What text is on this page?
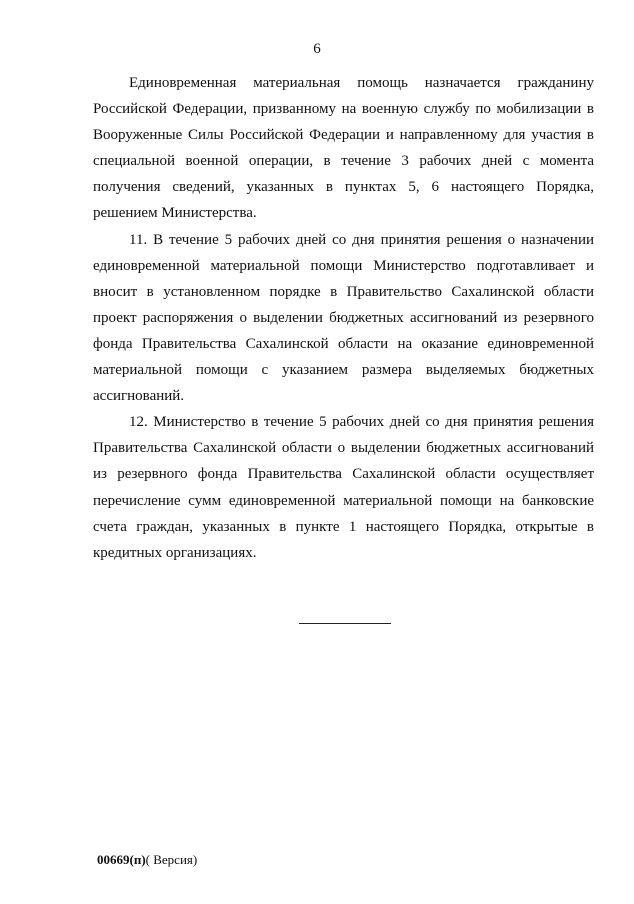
6

Единовременная материальная помощь назначается гражданину Российской Федерации, призванному на военную службу по мобилизации в Вооруженные Силы Российской Федерации и направленному для участия в специальной военной операции, в течение 3 рабочих дней с момента получения сведений, указанных в пунктах 5, 6 настоящего Порядка, решением Министерства.

11. В течение 5 рабочих дней со дня принятия решения о назначении единовременной материальной помощи Министерство подготавливает и вносит в установленном порядке в Правительство Сахалинской области проект распоряжения о выделении бюджетных ассигнований из резервного фонда Правительства Сахалинской области на оказание единовременной материальной помощи с указанием размера выделяемых бюджетных ассигнований.

12. Министерство в течение 5 рабочих дней со дня принятия решения Правительства Сахалинской области о выделении бюджетных ассигнований из резервного фонда Правительства Сахалинской области осуществляет перечисление сумм единовременной материальной помощи на банковские счета граждан, указанных в пункте 1 настоящего Порядка, открытые в кредитных организациях.

00669(п)( Версия)
